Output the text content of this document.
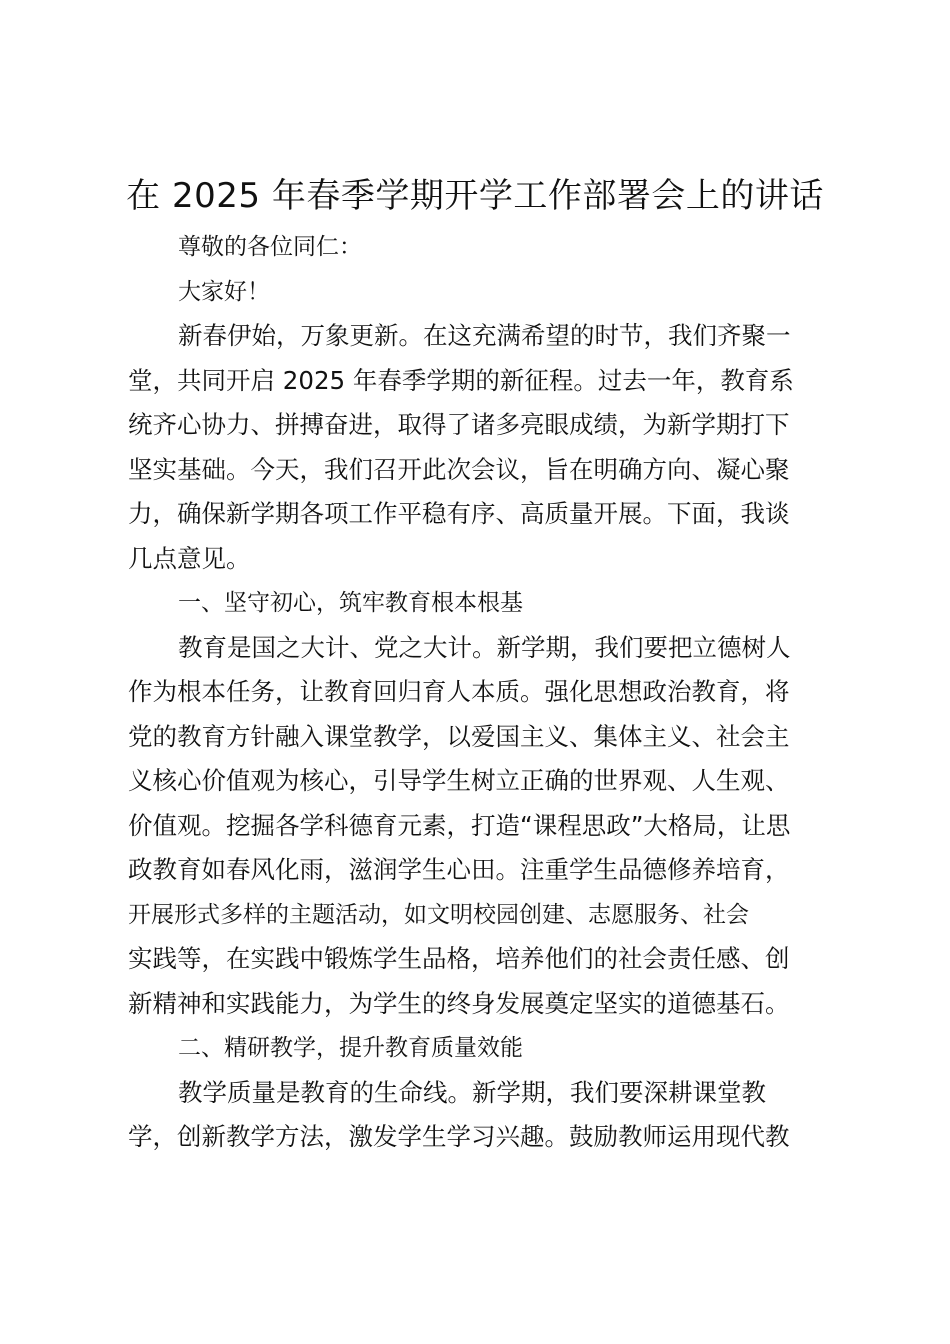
在 2025 年春季学期开学工作部署会上的讲话
尊敬的各位同仁：
大家好！
新春伊始，万象更新。在这充满希望的时节，我们齐聚一
堂，共同开启 2025 年春季学期的新征程。过去一年，教育系
统齐心协力、拼搏奋进，取得了诸多亮眼成绩，为新学期打下
坚实基础。今天，我们召开此次会议，旨在明确方向、凝心聚
力，确保新学期各项工作平稳有序、高质量开展。下面，我谈
几点意见。
一、坚守初心，筑牢教育根本根基
教育是国之大计、党之大计。新学期，我们要把立德树人
作为根本任务，让教育回归育人本质。强化思想政治教育，将
党的教育方针融入课堂教学，以爱国主义、集体主义、社会主
义核心价值观为核心，引导学生树立正确的世界观、人生观、
价值观。挖掘各学科德育元素，打造“课程思政”大格局，让思
政教育如春风化雨，滋润学生心田。注重学生品德修养培育，
开展形式多样的主题活动，如文明校园创建、志愿服务、社会
实践等，在实践中锻炼学生品格，培养他们的社会责任感、创
新精神和实践能力，为学生的终身发展奠定坚实的道德基石。
二、精研教学，提升教育质量效能
教学质量是教育的生命线。新学期，我们要深耕课堂教
学，创新教学方法，激发学生学习兴趣。鼓励教师运用现代教
